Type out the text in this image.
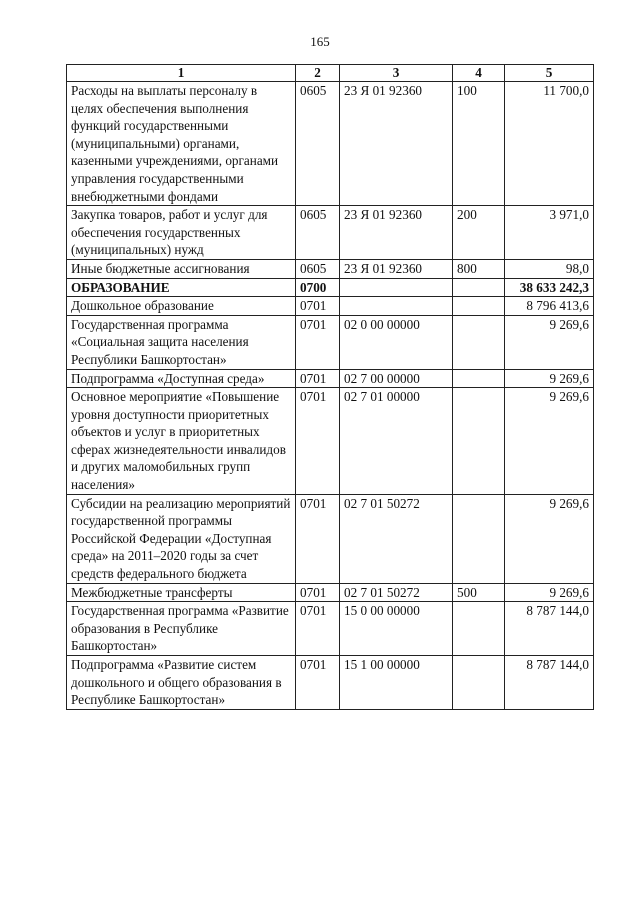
165
1	2	3	4	5
Расходы на выплаты персоналу в целях обеспечения выполнения функций государственными (муниципальными) органами, казенными учреждениями, органами управления государственными внебюджетными фондами	0605	23 Я 01 92360	100	11 700,0
Закупка товаров, работ и услуг для обеспечения государственных (муниципальных) нужд	0605	23 Я 01 92360	200	3 971,0
Иные бюджетные ассигнования	0605	23 Я 01 92360	800	98,0
ОБРАЗОВАНИЕ	0700			38 633 242,3
Дошкольное образование	0701			8 796 413,6
Государственная программа «Социальная защита населения Республики Башкортостан»	0701	02 0 00 00000		9 269,6
Подпрограмма «Доступная среда»	0701	02 7 00 00000		9 269,6
Основное мероприятие «Повышение уровня доступности приоритетных объектов и услуг в приоритетных сферах жизнедеятельности инвалидов и других маломобильных групп населения»	0701	02 7 01 00000		9 269,6
Субсидии на реализацию мероприятий государственной программы Российской Федерации «Доступная среда» на 2011–2020 годы за счет средств федерального бюджета	0701	02 7 01 50272		9 269,6
Межбюджетные трансферты	0701	02 7 01 50272	500	9 269,6
Государственная программа «Развитие образования в Республике Башкортостан»	0701	15 0 00 00000		8 787 144,0
Подпрограмма «Развитие систем дошкольного и общего образования в Республике Башкортостан»	0701	15 1 00 00000		8 787 144,0
